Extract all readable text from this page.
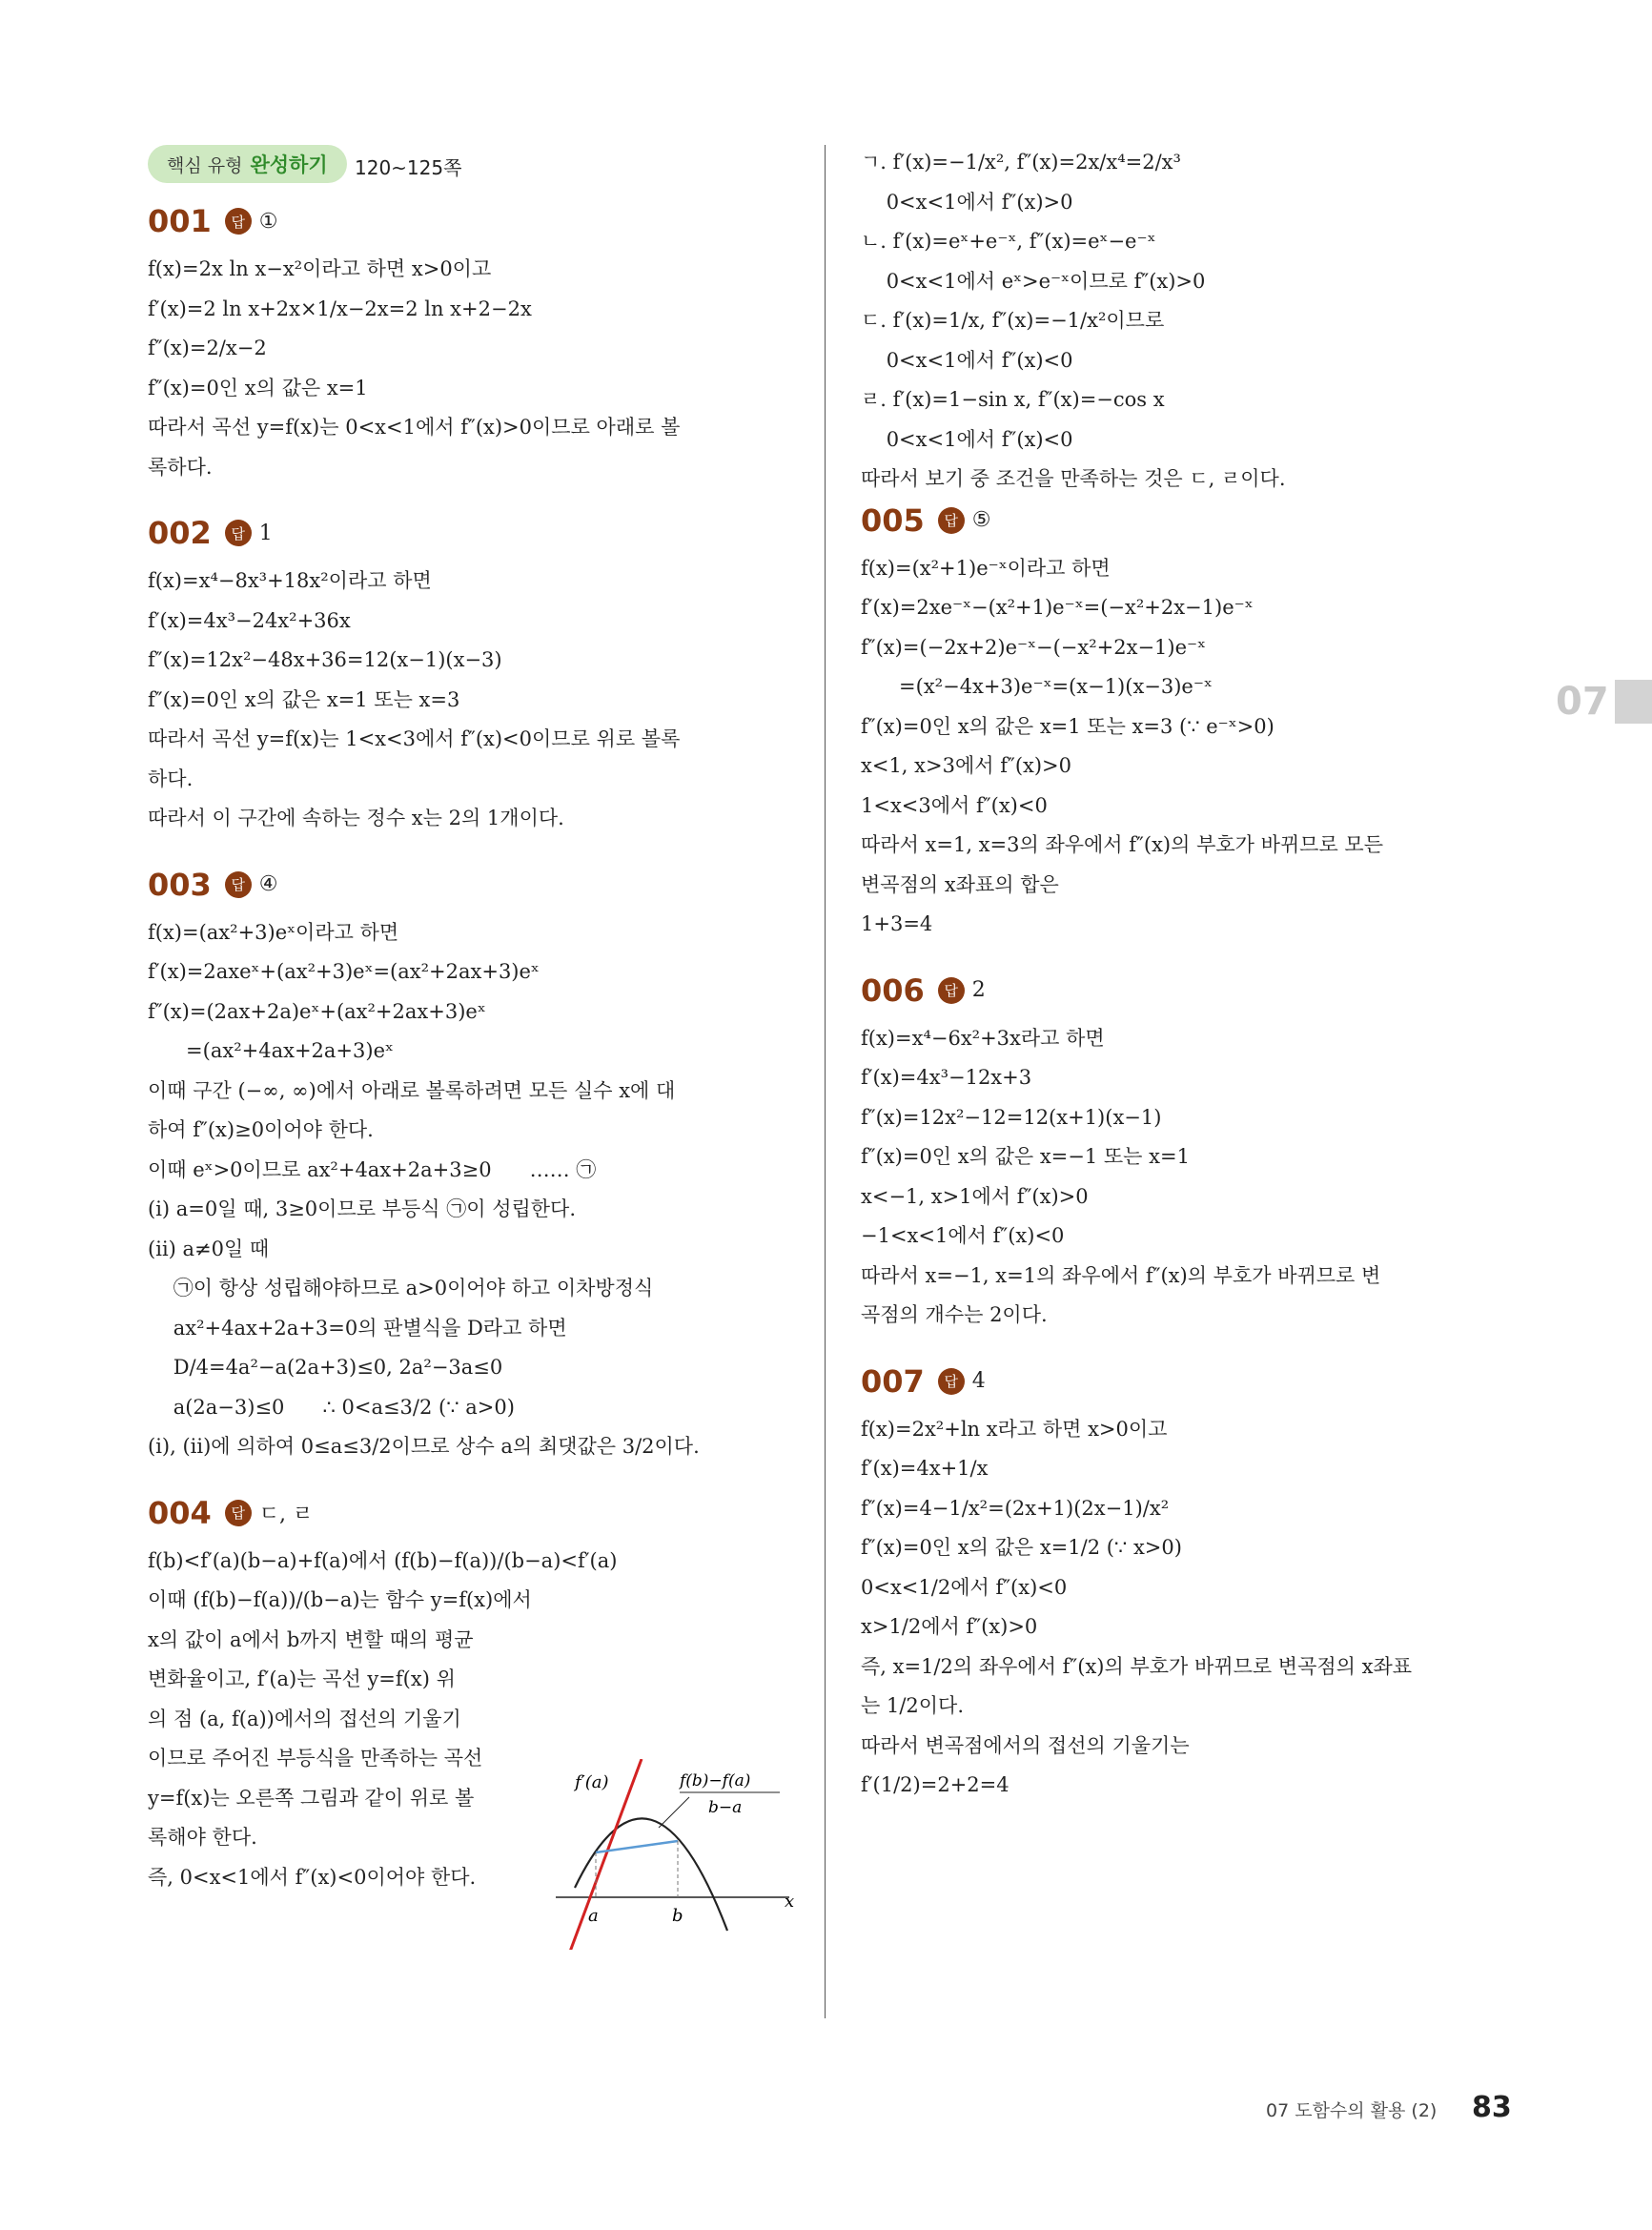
핵심 유형 완성하기 120~125쪽
001	답 ①
f(x)=2x ln x−x²이라고 하면 x>0이고
f′(x)=2 ln x+2x×1/x−2x=2 ln x+2−2x
f″(x)=2/x−2
f″(x)=0인 x의 값은 x=1
따라서 곡선 y=f(x)는 0<x<1에서 f″(x)>0이므로 아래로 볼
록하다.
002	답 1
f(x)=x⁴−8x³+18x²이라고 하면
f′(x)=4x³−24x²+36x
f″(x)=12x²−48x+36=12(x−1)(x−3)
f″(x)=0인 x의 값은 x=1 또는 x=3
따라서 곡선 y=f(x)는 1<x<3에서 f″(x)<0이므로 위로 볼록
하다.
따라서 이 구간에 속하는 정수 x는 2의 1개이다.
003	답 ④
f(x)=(ax²+3)eˣ이라고 하면
f′(x)=2axeˣ+(ax²+3)eˣ=(ax²+2ax+3)eˣ
f″(x)=(2ax+2a)eˣ+(ax²+2ax+3)eˣ
=(ax²+4ax+2a+3)eˣ
이때 구간 (−∞, ∞)에서 아래로 볼록하려면 모든 실수 x에 대
하여 f″(x)≥0이어야 한다.
이때 eˣ>0이므로 ax²+4ax+2a+3≥0      …… ㉠
(ⅰ) a=0일 때, 3≥0이므로 부등식 ㉠이 성립한다.
(ⅱ) a≠0일 때
㉠이 항상 성립해야하므로 a>0이어야 하고 이차방정식
ax²+4ax+2a+3=0의 판별식을 D라고 하면
D/4=4a²−a(2a+3)≤0, 2a²−3a≤0
a(2a−3)≤0      ∴ 0<a≤3/2 (∵ a>0)
(ⅰ), (ⅱ)에 의하여 0≤a≤3/2이므로 상수 a의 최댓값은 3/2이다.
004	답 ㄷ, ㄹ
f(b)<f′(a)(b−a)+f(a)에서 (f(b)−f(a))/(b−a)<f′(a)
이때 (f(b)−f(a))/(b−a)는 함수 y=f(x)에서
x의 값이 a에서 b까지 변할 때의 평균
변화율이고, f′(a)는 곡선 y=f(x) 위
의 점 (a, f(a))에서의 접선의 기울기
이므로 주어진 부등식을 만족하는 곡선
y=f(x)는 오른쪽 그림과 같이 위로 볼
록해야 한다.
즉, 0<x<1에서 f″(x)<0이어야 한다.
ㄱ. f′(x)=−1/x², f″(x)=2x/x⁴=2/x³
0<x<1에서 f″(x)>0
ㄴ. f′(x)=eˣ+e⁻ˣ, f″(x)=eˣ−e⁻ˣ
0<x<1에서 eˣ>e⁻ˣ이므로 f″(x)>0
ㄷ. f′(x)=1/x, f″(x)=−1/x²이므로
0<x<1에서 f″(x)<0
ㄹ. f′(x)=1−sin x, f″(x)=−cos x
0<x<1에서 f″(x)<0
따라서 보기 중 조건을 만족하는 것은 ㄷ, ㄹ이다.
005	답 ⑤
f(x)=(x²+1)e⁻ˣ이라고 하면
f′(x)=2xe⁻ˣ−(x²+1)e⁻ˣ=(−x²+2x−1)e⁻ˣ
f″(x)=(−2x+2)e⁻ˣ−(−x²+2x−1)e⁻ˣ
=(x²−4x+3)e⁻ˣ=(x−1)(x−3)e⁻ˣ
f″(x)=0인 x의 값은 x=1 또는 x=3 (∵ e⁻ˣ>0)
x<1, x>3에서 f″(x)>0
1<x<3에서 f″(x)<0
따라서 x=1, x=3의 좌우에서 f″(x)의 부호가 바뀌므로 모든
변곡점의 x좌표의 합은
1+3=4
006	답 2
f(x)=x⁴−6x²+3x라고 하면
f′(x)=4x³−12x+3
f″(x)=12x²−12=12(x+1)(x−1)
f″(x)=0인 x의 값은 x=−1 또는 x=1
x<−1, x>1에서 f″(x)>0
−1<x<1에서 f″(x)<0
따라서 x=−1, x=1의 좌우에서 f″(x)의 부호가 바뀌므로 변
곡점의 개수는 2이다.
007	답 4
f(x)=2x²+ln x라고 하면 x>0이고
f′(x)=4x+1/x
f″(x)=4−1/x²=(2x+1)(2x−1)/x²
f″(x)=0인 x의 값은 x=1/2 (∵ x>0)
0<x<1/2에서 f″(x)<0
x>1/2에서 f″(x)>0
즉, x=1/2의 좌우에서 f″(x)의 부호가 바뀌므로 변곡점의 x좌표
는 1/2이다.
따라서 변곡점에서의 접선의 기울기는
f′(1/2)=2+2=4
a	b
x
f′(a)	f(b)−f(a)
b−a
07
07 도함수의 활용 (2) 83
